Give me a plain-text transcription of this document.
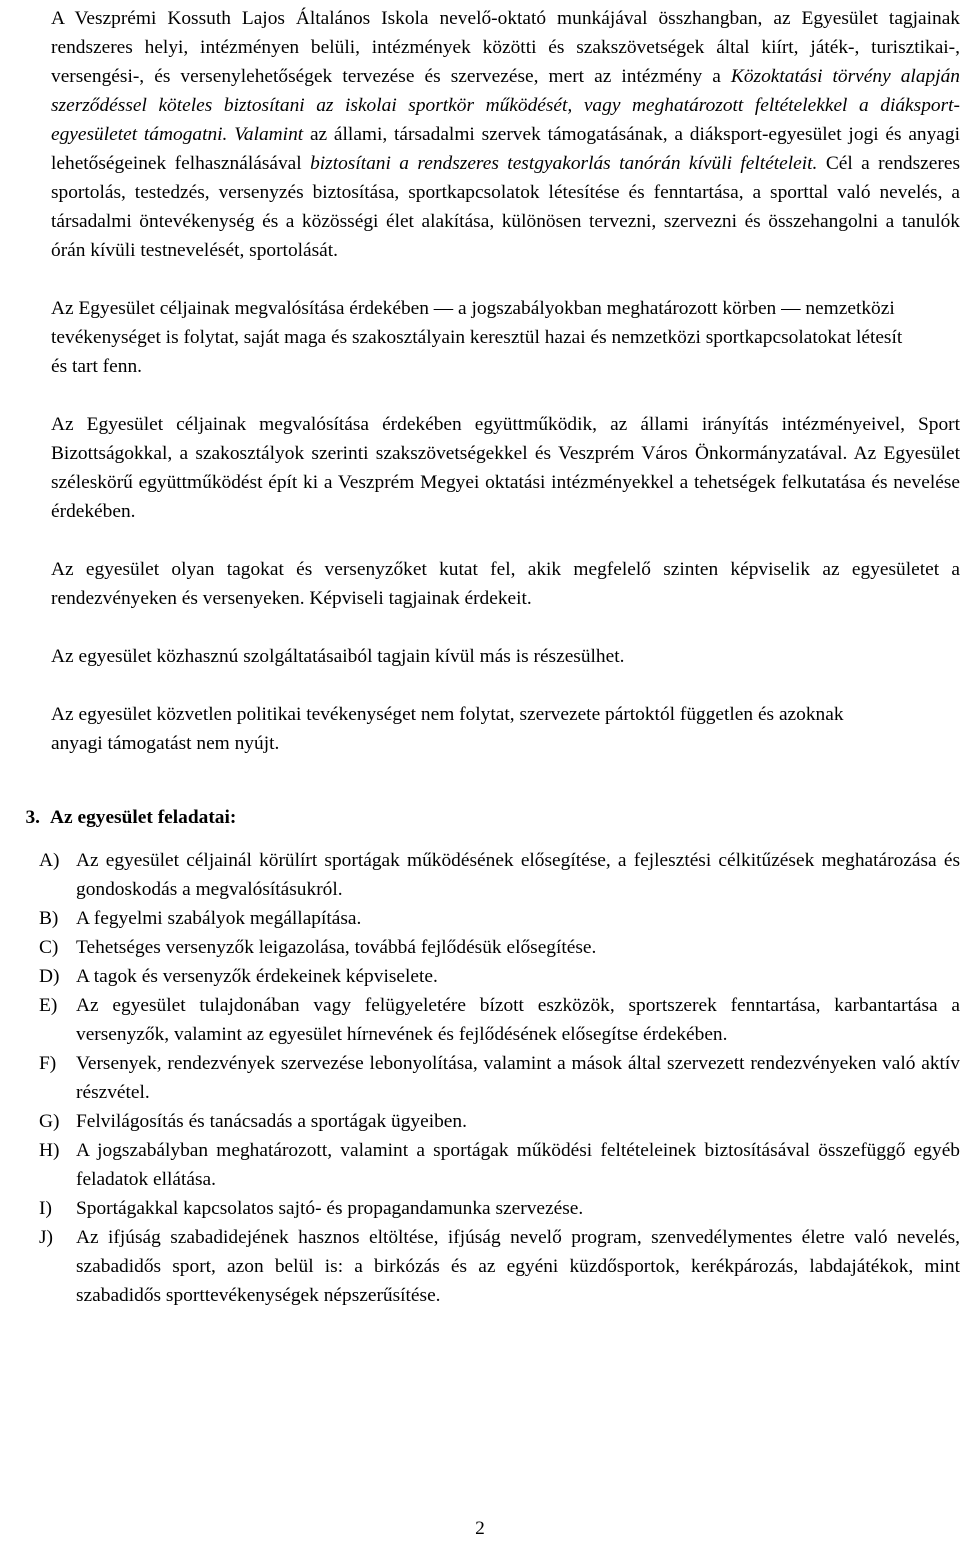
A Veszprémi Kossuth Lajos Általános Iskola nevelő-oktató munkájával összhangban, az Egyesület tagjainak rendszeres helyi, intézményen belüli, intézmények közötti és szakszövetségek által kiírt, játék-, turisztikai-, versengési-, és versenylehetőségek tervezése és szervezése, mert az intézmény a Közoktatási törvény alapján szerződéssel köteles biztosítani az iskolai sportkör működését, vagy meghatározott feltételekkel a diáksport-egyesületet támogatni. Valamint az állami, társadalmi szervek támogatásának, a diáksport-egyesület jogi és anyagi lehetőségeinek felhasználásával biztosítani a rendszeres testgyakorlás tanórán kívüli feltételeit. Cél a rendszeres sportolás, testedzés, versenyzés biztosítása, sportkapcsolatok létesítése és fenntartása, a sporttal való nevelés, a társadalmi öntevékenység és a közösségi élet alakítása, különösen tervezni, szervezni és összehangolni a tanulók órán kívüli testnevelését, sportolását.

Az Egyesület céljainak megvalósítása érdekében — a jogszabályokban meghatározott körben — nemzetközi tevékenységet is folytat, saját maga és szakosztályain keresztül hazai és nemzetközi sportkapcsolatokat létesít és tart fenn.

Az Egyesület céljainak megvalósítása érdekében együttműködik, az állami irányítás intézményeivel, Sport Bizottságokkal, a szakosztályok szerinti szakszövetségekkel és Veszprém Város Önkormányzatával. Az Egyesület széleskörű együttműködést épít ki a Veszprém Megyei oktatási intézményekkel a tehetségek felkutatása és nevelése érdekében.

Az egyesület olyan tagokat és versenyzőket kutat fel, akik megfelelő szinten képviselik az egyesületet a rendezvényeken és versenyeken. Képviseli tagjainak érdekeit.

Az egyesület közhasznú szolgáltatásaiból tagjain kívül más is részesülhet.

Az egyesület közvetlen politikai tevékenységet nem folytat, szervezete pártoktól független és azoknak anyagi támogatást nem nyújt.

3. Az egyesület feladatai:
A) Az egyesület céljainál körülírt sportágak működésének elősegítése, a fejlesztési célkitűzések meghatározása és gondoskodás a megvalósításukról.
B) A fegyelmi szabályok megállapítása.
C) Tehetséges versenyzők leigazolása, továbbá fejlődésük elősegítése.
D) A tagok és versenyzők érdekeinek képviselete.
E) Az egyesület tulajdonában vagy felügyeletére bízott eszközök, sportszerek fenntartása, karbantartása a versenyzők, valamint az egyesület hírnevének és fejlődésének elősegítse érdekében.
F)	Versenyek, rendezvények szervezése lebonyolítása, valamint a mások által szervezett rendezvényeken való aktív részvétel.
G) Felvilágosítás és tanácsadás a sportágak ügyeiben.
H) A jogszabályban meghatározott, valamint a sportágak működési feltételeinek biztosításával összefüggő egyéb feladatok ellátása.
I)	Sportágakkal kapcsolatos sajtó- és propagandamunka szervezése.
J)	Az ifjúság szabadidejének hasznos eltöltése, ifjúság nevelő program, szenvedélymentes életre való nevelés, szabadidős sport, azon belül is: a birkózás és az egyéni küzdősportok, kerékpározás, labdajátékok, mint szabadidős sporttevékenységek népszerűsítése.
2
